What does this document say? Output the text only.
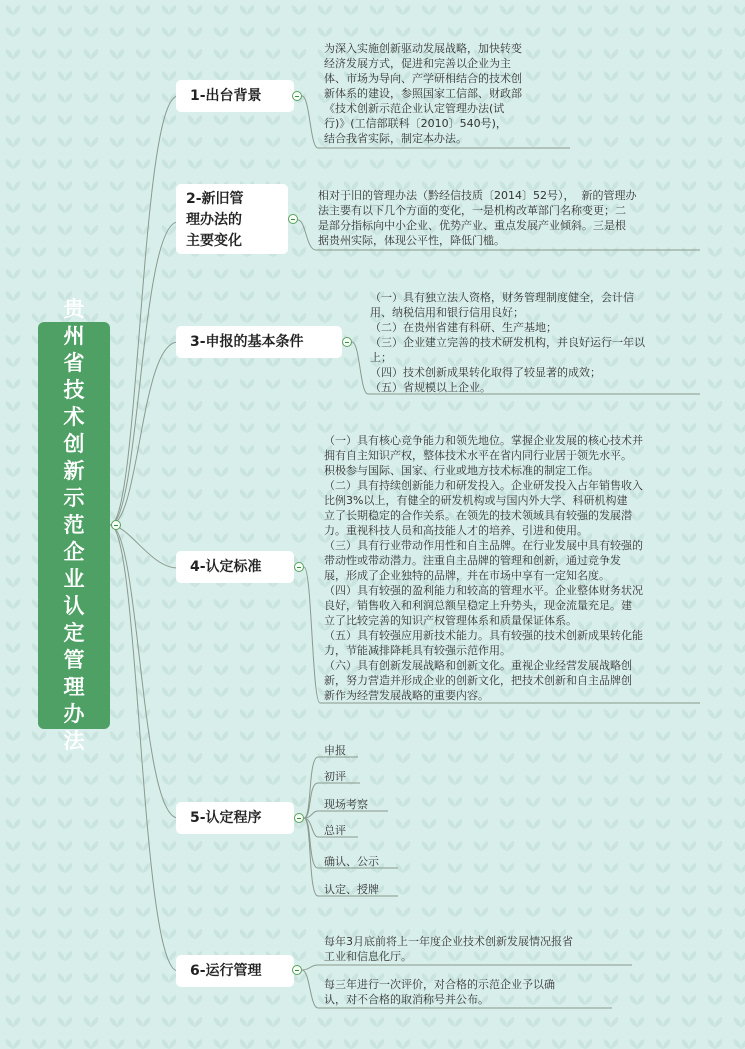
贵州省技术创新示范企业认定管理办法
1-出台背景
为深入实施创新驱动发展战略，加快转变
经济发展方式，促进和完善以企业为主
体、市场为导向、产学研相结合的技术创
新体系的建设，参照国家工信部、财政部
《技术创新示范企业认定管理办法(试
行)》(工信部联科〔2010〕540号)，
结合我省实际，制定本办法。
2-新旧管
理办法的
主要变化
相对于旧的管理办法（黔经信技质〔2014〕52号），  新的管理办
法主要有以下几个方面的变化，一是机构改革部门名称变更；二
是部分指标向中小企业、优势产业、重点发展产业倾斜。三是根
据贵州实际，体现公平性，降低门槛。
3-申报的基本条件
（一）具有独立法人资格，财务管理制度健全，会计信
用、纳税信用和银行信用良好；
（二）在贵州省建有科研、生产基地；
（三）企业建立完善的技术研发机构，并良好运行一年以
上；
（四）技术创新成果转化取得了较显著的成效；
（五）省规模以上企业。
4-认定标准
（一）具有核心竞争能力和领先地位。掌握企业发展的核心技术并
拥有自主知识产权，整体技术水平在省内同行业居于领先水平。
积极参与国际、国家、行业或地方技术标准的制定工作。
（二）具有持续创新能力和研发投入。企业研发投入占年销售收入
比例3%以上，有健全的研发机构或与国内外大学、科研机构建
立了长期稳定的合作关系。在领先的技术领域具有较强的发展潜
力。重视科技人员和高技能人才的培养、引进和使用。
（三）具有行业带动作用性和自主品牌。在行业发展中具有较强的
带动性或带动潜力。注重自主品牌的管理和创新，通过竞争发
展，形成了企业独特的品牌，并在市场中享有一定知名度。
（四）具有较强的盈利能力和较高的管理水平。企业整体财务状况
良好，销售收入和利润总额呈稳定上升势头，现金流量充足。建
立了比较完善的知识产权管理体系和质量保证体系。
（五）具有较强应用新技术能力。具有较强的技术创新成果转化能
力，节能减排降耗具有较强示范作用。
（六）具有创新发展战略和创新文化。重视企业经营发展战略创
新，努力营造并形成企业的创新文化，把技术创新和自主品牌创
新作为经营发展战略的重要内容。
5-认定程序
申报
初评
现场考察
总评
确认、公示
认定、授牌
6-运行管理
每年3月底前将上一年度企业技术创新发展情况报省
工业和信息化厅。
每三年进行一次评价，对合格的示范企业予以确
认，对不合格的取消称号并公布。
